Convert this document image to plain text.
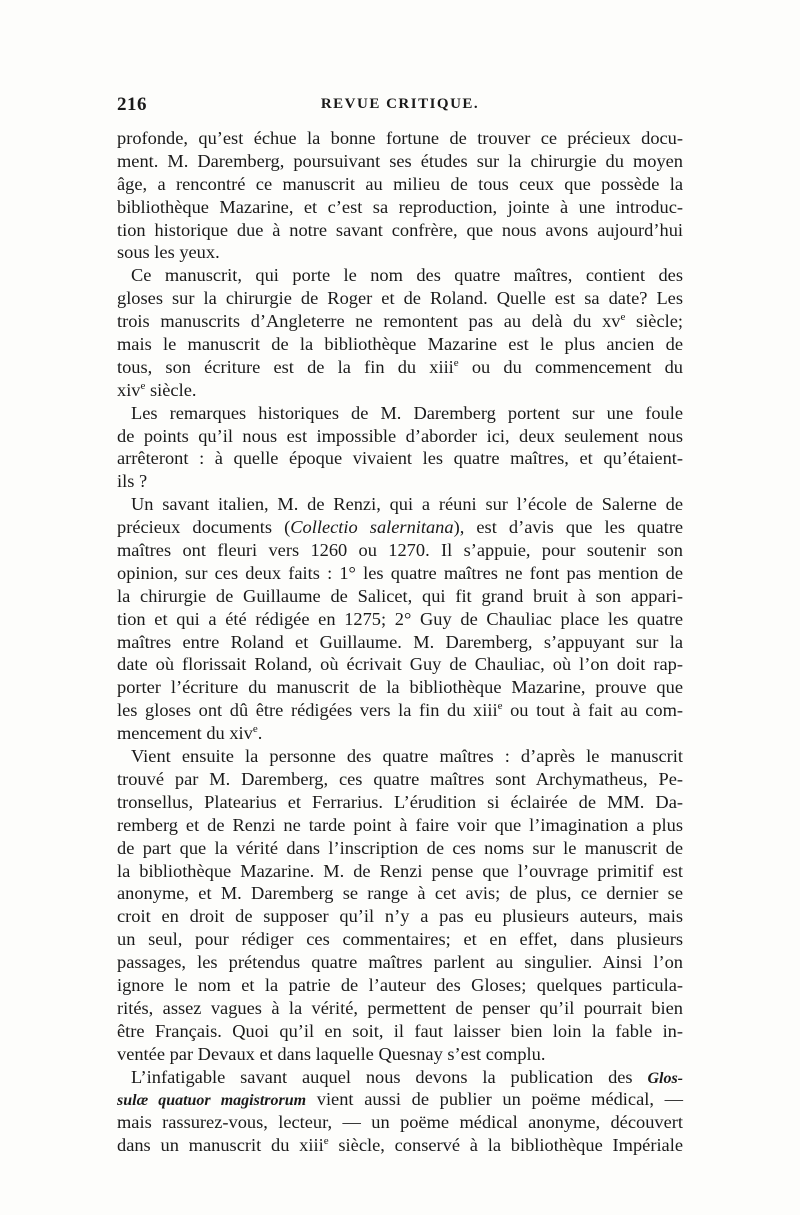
216	REVUE CRITIQUE.
profonde, qu’est échue la bonne fortune de trouver ce précieux docu-
ment. M. Daremberg, poursuivant ses études sur la chirurgie du moyen
âge, a rencontré ce manuscrit au milieu de tous ceux que possède la
bibliothèque Mazarine, et c’est sa reproduction, jointe à une introduc-
tion historique due à notre savant confrère, que nous avons aujourd’hui
sous les yeux.
Ce manuscrit, qui porte le nom des quatre maîtres, contient des
gloses sur la chirurgie de Roger et de Roland. Quelle est sa date? Les
trois manuscrits d’Angleterre ne remontent pas au delà du $xv^e$ siècle;
mais le manuscrit de la bibliothèque Mazarine est le plus ancien de
tous, son écriture est de la fin du xiii$^e$ ou du commencement du
xiv$^e$ siècle.
Les remarques historiques de M. Daremberg portent sur une foule
de points qu’il nous est impossible d’aborder ici, deux seulement nous
arrêteront : à quelle époque vivaient les quatre maîtres, et qu’étaient-
ils ?
Un savant italien, M. de Renzi, qui a réuni sur l’école de Salerne de
précieux documents (Collectio salernitana), est d’avis que les quatre
maîtres ont fleuri vers 1260 ou 1270. Il s’appuie, pour soutenir son
opinion, sur ces deux faits : 1° les quatre maîtres ne font pas mention de
la chirurgie de Guillaume de Salicet, qui fit grand bruit à son appari-
tion et qui a été rédigée en 1275; 2° Guy de Chauliac place les quatre
maîtres entre Roland et Guillaume. M. Daremberg, s’appuyant sur la
date où florissait Roland, où écrivait Guy de Chauliac, où l’on doit rap-
porter l’écriture du manuscrit de la bibliothèque Mazarine, prouve que
les gloses ont dû être rédigées vers la fin du xiii$^e$ ou tout à fait au com-
mencement du xiv$^e$.
Vient ensuite la personne des quatre maîtres : d’après le manuscrit
trouvé par M. Daremberg, ces quatre maîtres sont Archymatheus, Pe-
tronsellus, Platearius et Ferrarius. L’érudition si éclairée de MM. Da-
remberg et de Renzi ne tarde point à faire voir que l’imagination a plus
de part que la vérité dans l’inscription de ces noms sur le manuscrit de
la bibliothèque Mazarine. M. de Renzi pense que l’ouvrage primitif est
anonyme, et M. Daremberg se range à cet avis; de plus, ce dernier se
croit en droit de supposer qu’il n’y a pas eu plusieurs auteurs, mais
un seul, pour rédiger ces commentaires; et en effet, dans plusieurs
passages, les prétendus quatre maîtres parlent au singulier. Ainsi l’on
ignore le nom et la patrie de l’auteur des Gloses; quelques particula-
rités, assez vagues à la vérité, permettent de penser qu’il pourrait bien
être Français. Quoi qu’il en soit, il faut laisser bien loin la fable in-
ventée par Devaux et dans laquelle Quesnay s’est complu.
L’infatigable savant auquel nous devons la publication des Glos-
sulæ quatuor magistrorum vient aussi de publier un poëme médical, —
mais rassurez-vous, lecteur, — un poëme médical anonyme, découvert
dans un manuscrit du xiii$^e$ siècle, conservé à la bibliothèque Impériale
